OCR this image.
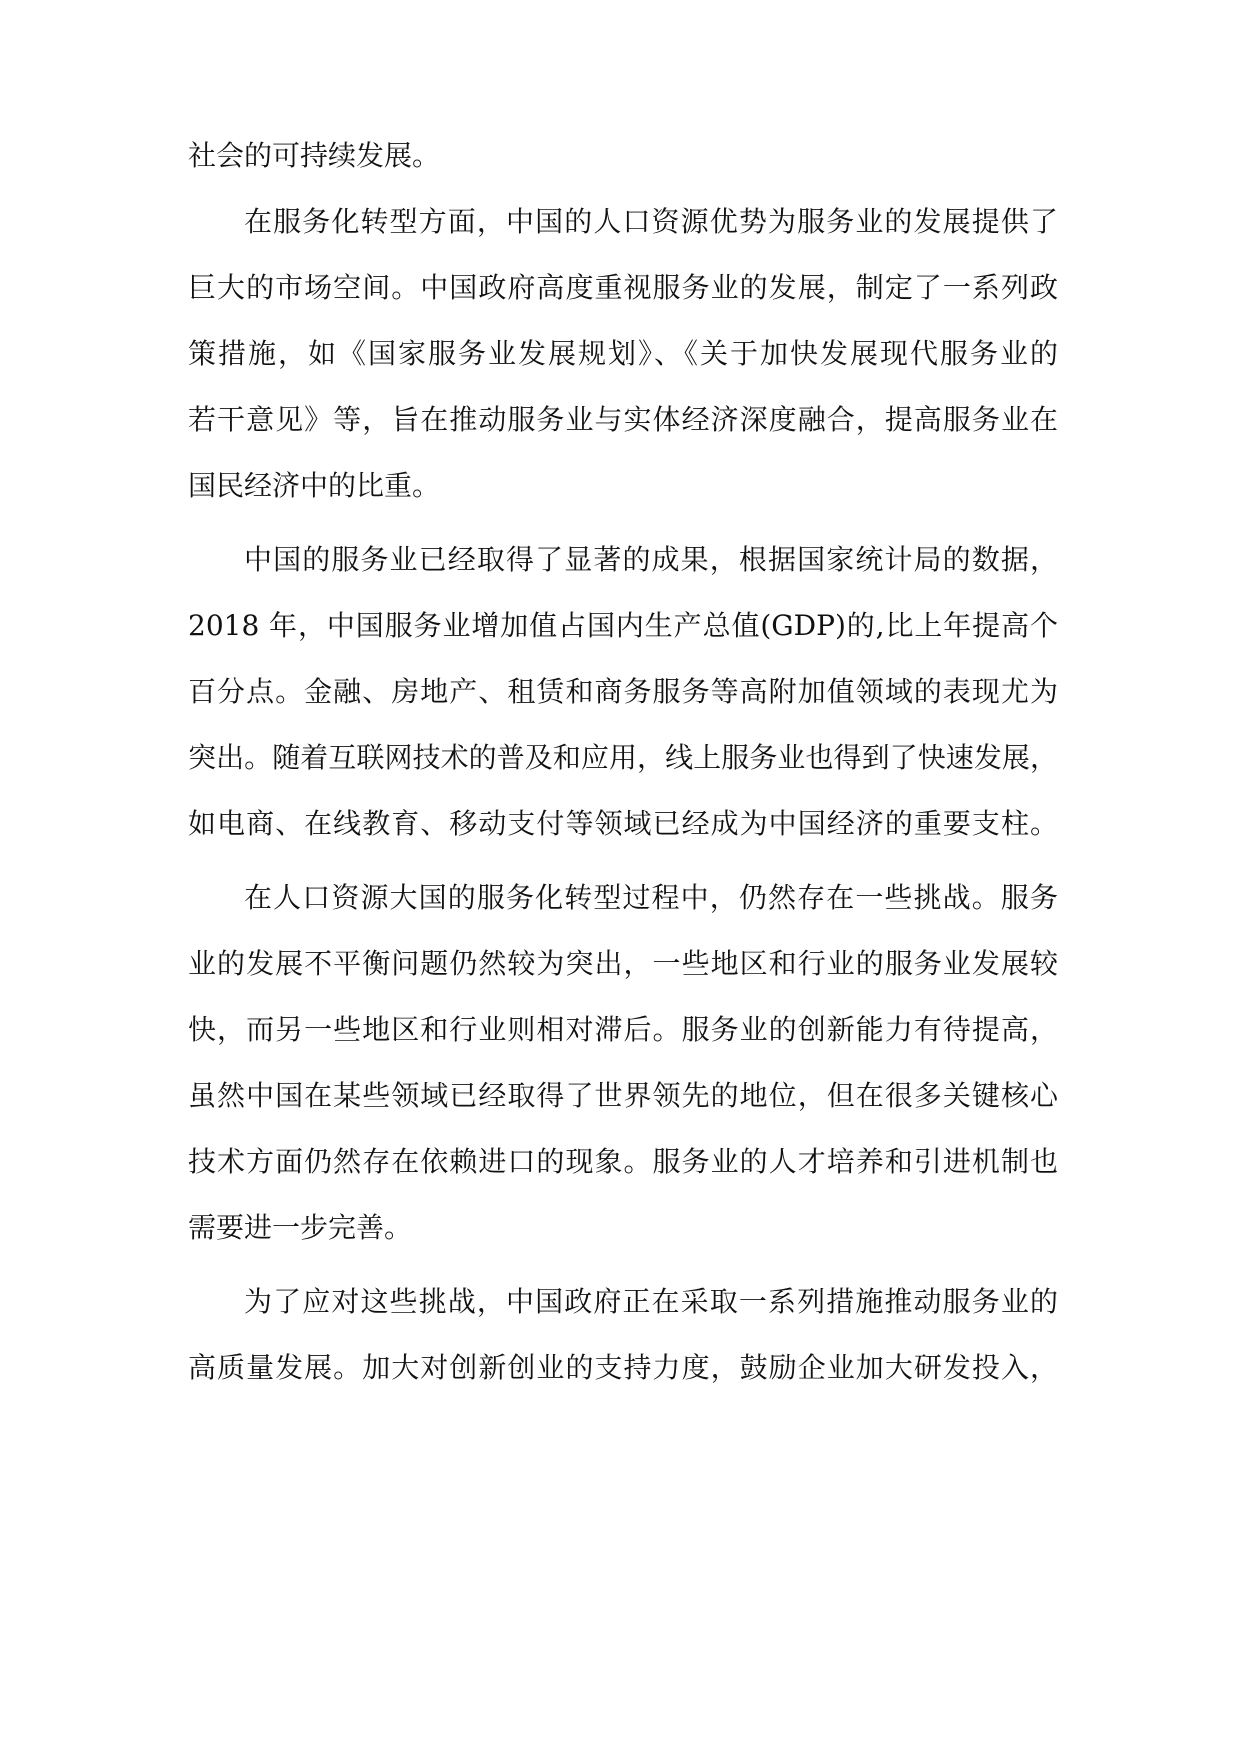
社会的可持续发展。

在服务化转型方面，中国的人口资源优势为服务业的发展提供了

巨大的市场空间。中国政府高度重视服务业的发展，制定了一系列政

策措施，如《国家服务业发展规划》、《关于加快发展现代服务业的

若干意见》等，旨在推动服务业与实体经济深度融合，提高服务业在

国民经济中的比重。

中国的服务业已经取得了显著的成果，根据国家统计局的数据，

2018 年，中国服务业增加值占国内生产总值(GDP)的,比上年提高个

百分点。金融、房地产、租赁和商务服务等高附加值领域的表现尤为

突出。随着互联网技术的普及和应用，线上服务业也得到了快速发展，

如电商、在线教育、移动支付等领域已经成为中国经济的重要支柱。

在人口资源大国的服务化转型过程中，仍然存在一些挑战。服务

业的发展不平衡问题仍然较为突出，一些地区和行业的服务业发展较

快，而另一些地区和行业则相对滞后。服务业的创新能力有待提高，

虽然中国在某些领域已经取得了世界领先的地位，但在很多关键核心

技术方面仍然存在依赖进口的现象。服务业的人才培养和引进机制也

需要进一步完善。

为了应对这些挑战，中国政府正在采取一系列措施推动服务业的

高质量发展。加大对创新创业的支持力度，鼓励企业加大研发投入，
